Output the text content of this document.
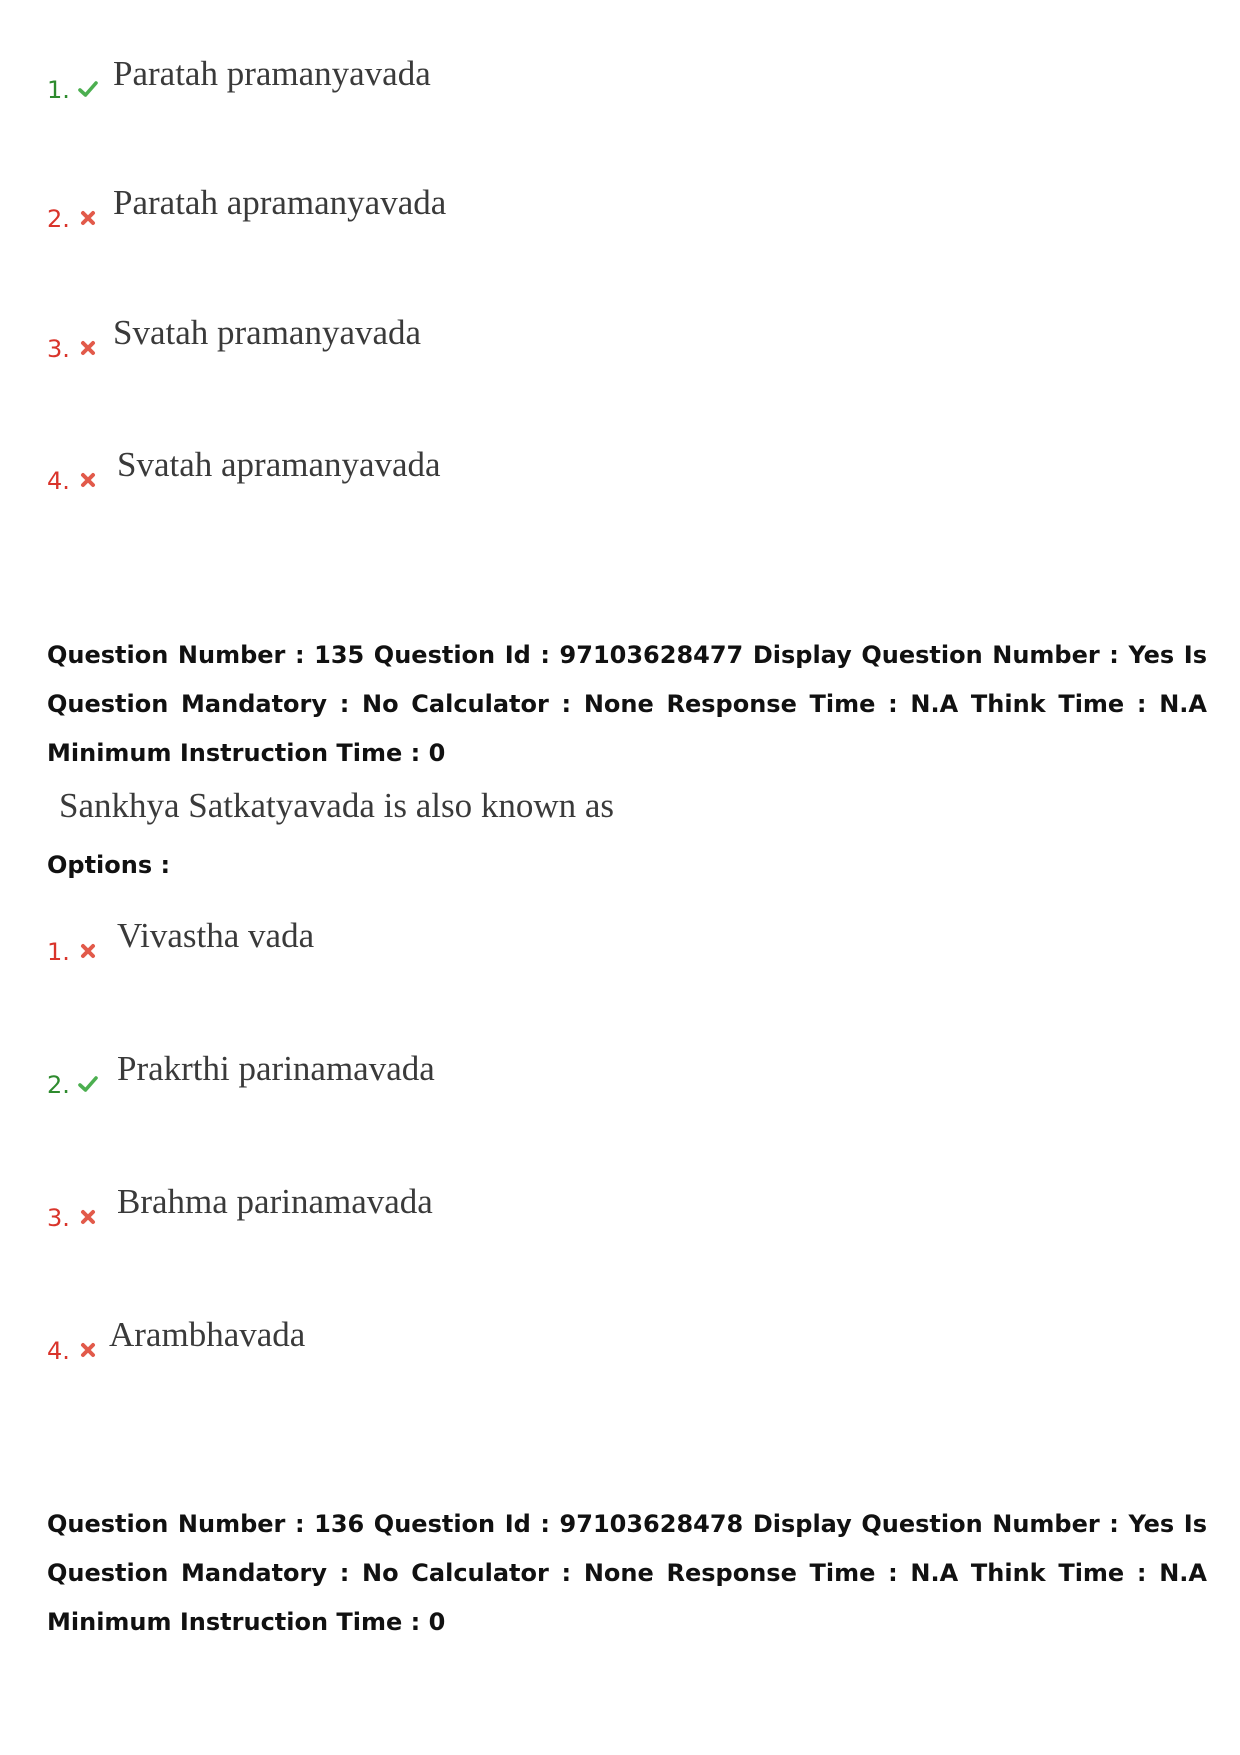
1. Paratah pramanyavada
2. Paratah apramanyavada
3. Svatah pramanyavada
4. Svatah apramanyavada
Question Number : 135 Question Id : 97103628477 Display Question Number : Yes Is Question Mandatory : No Calculator : None Response Time : N.A Think Time : N.A Minimum Instruction Time : 0
Sankhya Satkatyavada is also known as
Options :
1. Vivastha vada
2. Prakrthi parinamavada
3. Brahma parinamavada
4. Arambhavada
Question Number : 136 Question Id : 97103628478 Display Question Number : Yes Is Question Mandatory : No Calculator : None Response Time : N.A Think Time : N.A Minimum Instruction Time : 0
